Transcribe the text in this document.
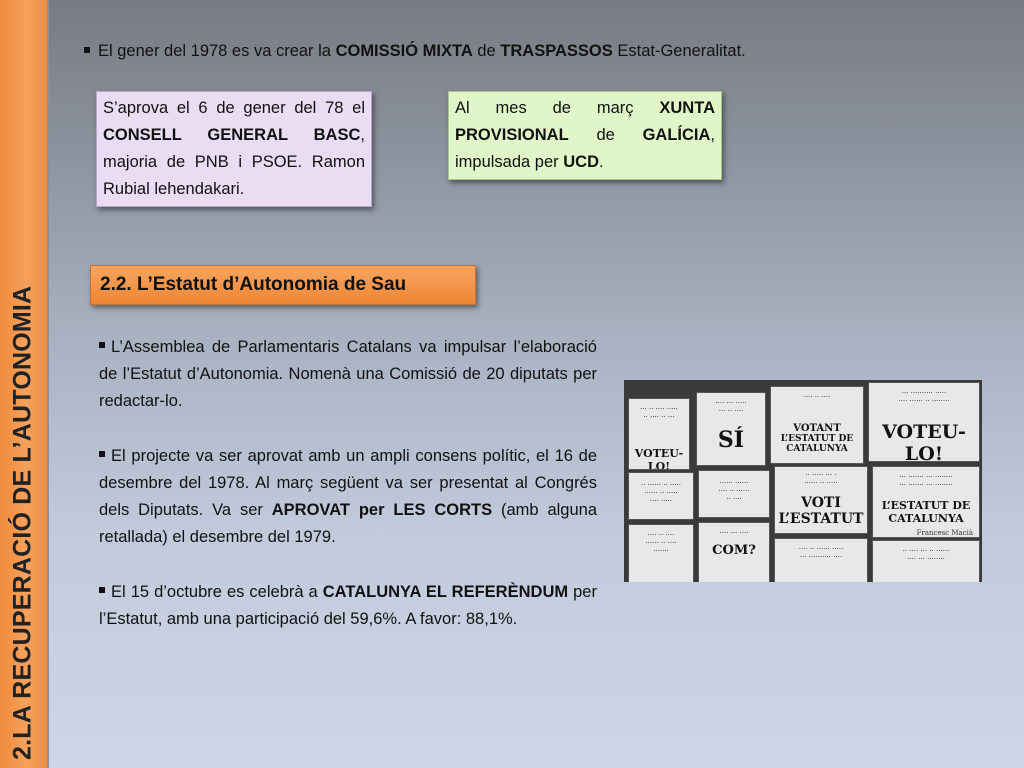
2.LA RECUPERACIÓ DE L’AUTONOMIA
El gener del 1978 es va crear la COMISSIÓ MIXTA de TRASPASSOS Estat-Generalitat.
S’aprova el 6 de gener del 78 el CONSELL GENERAL BASC, majoria de PNB i PSOE. Ramon Rubial lehendakari.
Al mes de març XUNTA PROVISIONAL de GALÍCIA, impulsada per UCD.
2.2. L’Estatut d’Autonomia de Sau

L’Assemblea de Parlamentaris Catalans va impulsar l’elaboració de l’Estatut d’Autonomia. Nomenà una Comissió de 20 diputats per redactar-lo.

El projecte va ser aprovat amb un ampli consens polític, el 16 de desembre del 1978. Al març següent va ser presentat al Congrés dels Diputats. Va ser APROVAT per LES CORTS (amb alguna retallada) el desembre del 1979.

El 15 d’octubre es celebrà a CATALUNYA EL REFERÈNDUM per l’Estatut, amb una participació del 59,6%. A favor: 88,1%.

··· ·· ···· ·····
·· ···· ·· ···
VOTEU-LO!
···· ··· ·····
··· ·· ····
SÍ
···· ·· ····
VOTANT
L’ESTATUT DE CATALUNYA
··· ·········· ·····
···· ······ ·· ········
VOTEU-LO!
·· ······ ·· ·····
······ ·· ·····
···· ·····
······ ······
···· ·· ······
·· ····
·· ····· ··· ·
······ ·· ·····
VOTI L’ESTATUT
··· ······· ··· ········
··· ······· ··· ········
L’ESTATUT DE CATALUNYA
Francesc Macià
···· ·· ····
······ ·· ····
·······
···· ··· ····
COM?	···· ·· ······ ·····
··· ·········· ····
·· ···· ··· ·· ······
···· ··· ········
